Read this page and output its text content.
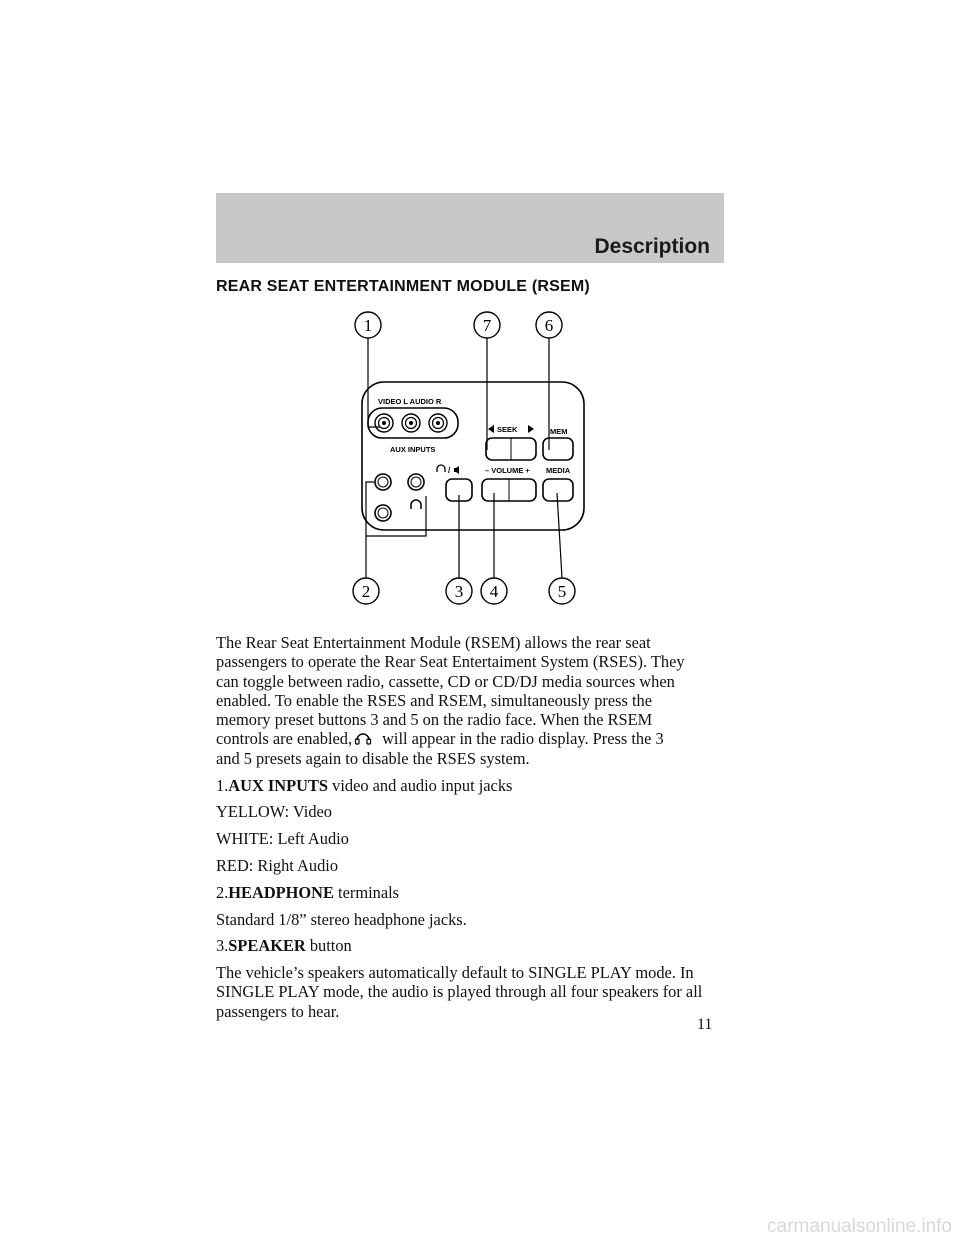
Description
REAR SEAT ENTERTAINMENT MODULE (RSEM)
1	7	6
VIDEO L AUDIO R
AUX INPUTS
SEEK	MEM
/	– VOLUME + MEDIA
2	3 4	5

The Rear Seat Entertainment Module (RSEM) allows the rear seat
passengers to operate the Rear Seat Entertaiment System (RSES). They
can toggle between radio, cassette, CD or CD/DJ media sources when
enabled. To enable the RSES and RSEM, simultaneously press the
memory preset buttons 3 and 5 on the radio face. When the RSEM
controls are enabled, will appear in the radio display. Press the 3
and 5 presets again to disable the RSES system.

1.AUX INPUTS video and audio input jacks

YELLOW: Video

WHITE: Left Audio

RED: Right Audio

2.HEADPHONE terminals

Standard 1/8” stereo headphone jacks.

3.SPEAKER button

The vehicle’s speakers automatically default to SINGLE PLAY mode. In
SINGLE PLAY mode, the audio is played through all four speakers for all
passengers to hear.

11
carmanualsonline.info
